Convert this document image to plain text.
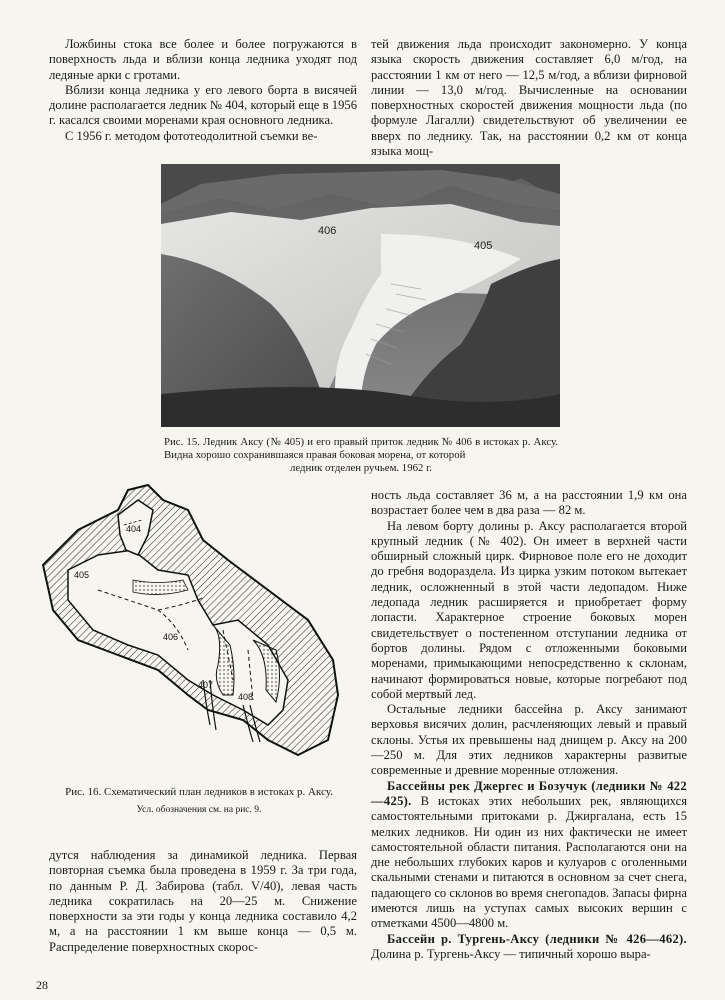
Ложбины стока все более и более погружаются в поверхность льда и вблизи конца ледника уходят под ледяные арки с гротами.

Вблизи конца ледника у его левого борта в висячей долине располагается ледник № 404, который еще в 1956 г. касался своими моренами края основного ледника.

С 1956 г. методом фототеодолитной съемки ве-

тей движения льда происходит закономерно. У конца языка скорость движения составляет 6,0 м/год, на расстоянии 1 км от него — 12,5 м/год, а вблизи фирновой линии — 13,0 м/год. Вычисленные на основании поверхностных скоростей движения мощности льда (по формуле Лагалли) свидетельствуют об увеличении ее вверх по леднику. Так, на расстоянии 0,2 км от конца языка мощ-

406
405
Рис. 15. Ледник Аксу (№ 405) и его правый приток ледник № 406 в истоках р. Аксу. Видна хорошо сохранившаяся правая боковая морена, от которой
ледник отделен ручьем. 1962 г.
404
405
406
407
408
Рис. 16. Схематический план ледников в истоках р. Аксу.
Усл. обозначения см. на рис. 9.

ность льда составляет 36 м, а на расстоянии 1,9 км она возрастает более чем в два раза — 82 м.

На левом борту долины р. Аксу располагается второй крупный ледник (№ 402). Он имеет в верхней части обширный сложный цирк. Фирновое поле его не доходит до гребня водораздела. Из цирка узким потоком вытекает ледник, осложненный в этой части ледопадом. Ниже ледопада ледник расширяется и приобретает форму лопасти. Характерное строение боковых морен свидетельствует о постепенном отступании ледника от бортов долины. Рядом с отложенными боковыми моренами, примыкающими непосредственно к склонам, начинают формироваться новые, которые погребают под собой мертвый лед.

Остальные ледники бассейна р. Аксу занимают верховья висячих долин, расчленяющих левый и правый склоны. Устья их превышены над днищем р. Аксу на 200—250 м. Для этих ледников характерны развитые современные и древние моренные отложения.

Бассейны рек Джергес и Бозучук (ледники № 422—425). В истоках этих небольших рек, являющихся самостоятельными притоками р. Джиргалана, есть 15 мелких ледников. Ни один из них фактически не имеет самостоятельной области питания. Располагаются они на дне небольших глубоких каров и кулуаров с оголенными скальными стенами и питаются в основном за счет снега, падающего со склонов во время снегопадов. Запасы фирна имеются лишь на уступах самых высоких вершин с отметками 4500—4800 м.

Бассейн р. Тургень-Аксу (ледники № 426—462). Долина р. Тургень-Аксу — типичный хорошо выра-

дутся наблюдения за динамикой ледника. Первая повторная съемка была проведена в 1959 г. За три года, по данным Р. Д. Забирова (табл. V/40), левая часть ледника сократилась на 20—25 м. Снижение поверхности за эти годы у конца ледника составило 4,2 м, а на расстоянии 1 км выше конца — 0,5 м. Распределение поверхностных скорос-

28
